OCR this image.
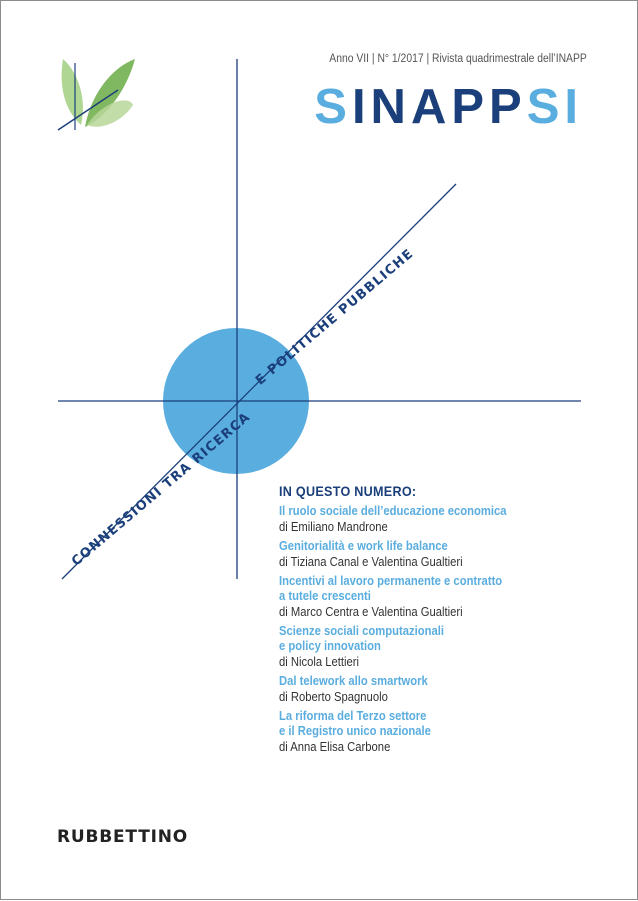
CONNESSIONI TRA RICERCA
E POLITICHE PUBBLICHE
Anno VII | N° 1/2017 | Rivista quadrimestrale dell’INAPP
SINAPPSI
IN QUESTO NUMERO:
Il ruolo sociale dell’educazione economica
di Emiliano Mandrone
Genitorialità e work life balance
di Tiziana Canal e Valentina Gualtieri
Incentivi al lavoro permanente e contratto
a tutele crescenti
di Marco Centra e Valentina Gualtieri
Scienze sociali computazionali
e policy innovation
di Nicola Lettieri
Dal telework allo smartwork
di Roberto Spagnuolo
La riforma del Terzo settore
e il Registro unico nazionale
di Anna Elisa Carbone
RUBBETTINO
